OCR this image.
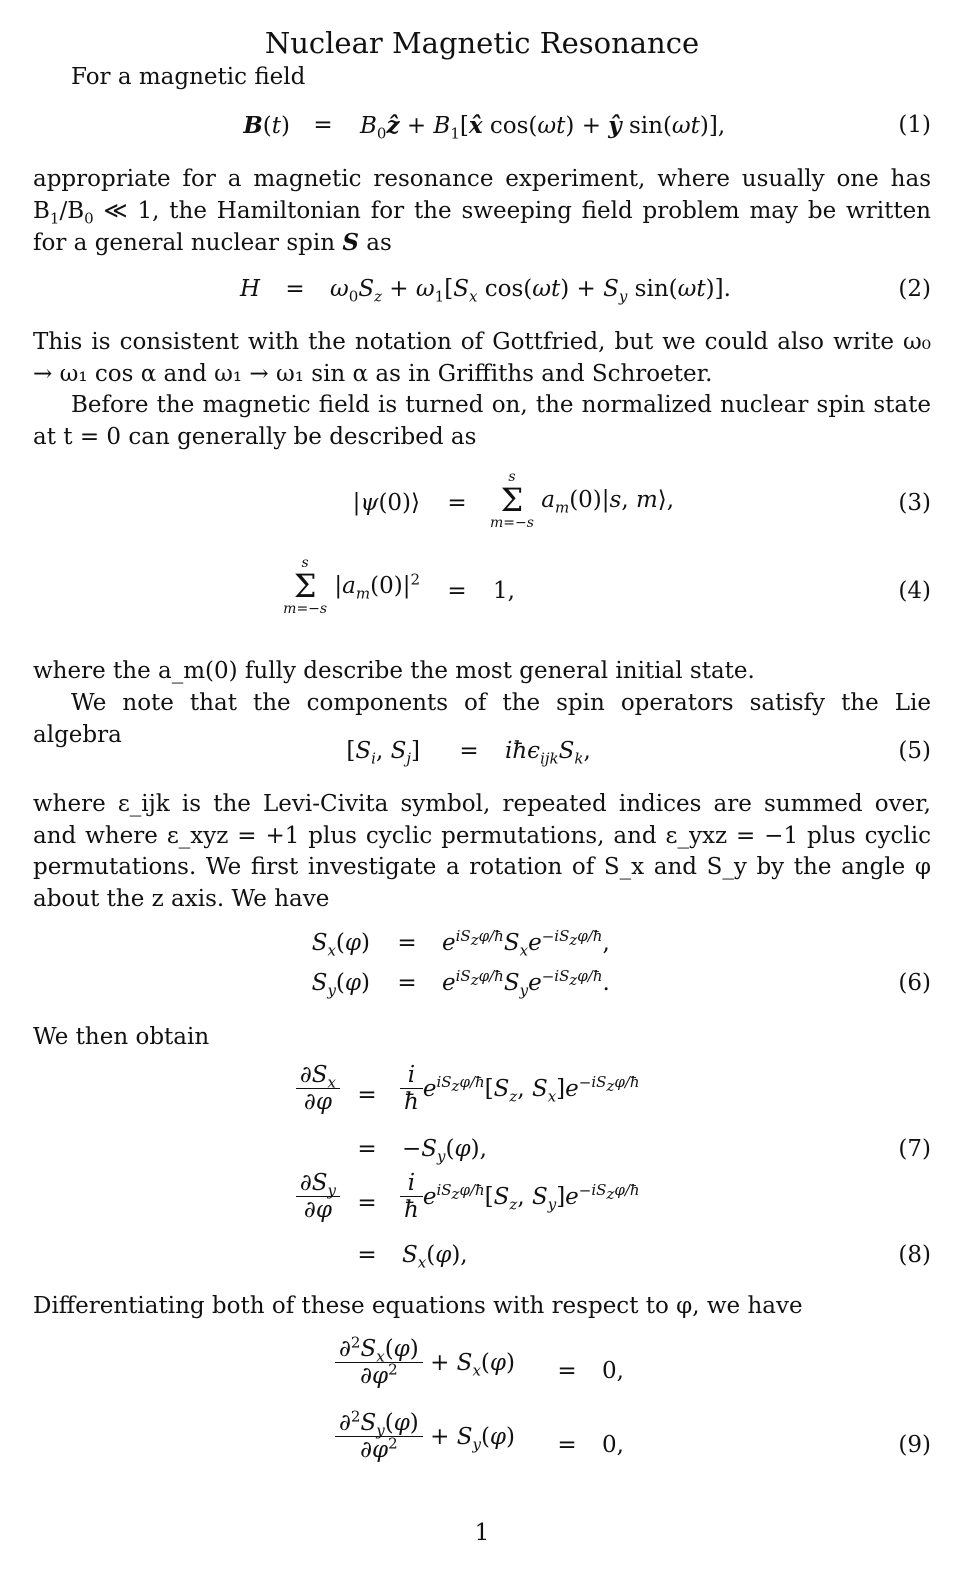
Nuclear Magnetic Resonance
For a magnetic field
$B(t) = B_0ẑ$ + $B_1[x̂$ cos(ωt) + ŷ sin(ωt)],	(1)
appropriate for a magnetic resonance experiment, where usually one has $B_1/B_0$ ≪ 1, the Hamiltonian for the sweeping field problem may be written for a general nuclear spin S as
$H = \omega_0S_z + \omega_1[S_x$ $\cos(\omega t) + S_y$ sin(ωt)].	(2)
This is consistent with the notation of Gottfried, but we could also write ω₀ → ω₁ cos α and ω₁ → ω₁ sin α as in Griffiths and Schroeter.
Before the magnetic field is turned on, the normalized nuclear spin state at t = 0 can generally be described as
|ψ(0)⟩ =
s
Σ
m=−s
$a_m(0)|s$, m⟩,	(3)
s
Σ
m=−s
$|a_m(0)|^2 = 1$,	(4)
where the a_m(0) fully describe the most general initial state.
We note that the components of the spin operators satisfy the Lie algebra
[$S_i$, $S_j$] = $iħ\epsilon_{ijk}S_k$,	(5)
where ε_ijk is the Levi-Civita symbol, repeated indices are summed over, and where ε_xyz = +1 plus cyclic permutations, and ε_yxz = −1 plus cyclic permutations. We first investigate a rotation of S_x and S_y by the angle φ about the z axis. We have
$S_x(\varphi) = e^{iS_z\varphi/ħ}S_xe^{-iS_z\varphi/ħ}$,
$S_y(\varphi) = e^{iS_z\varphi/ħ}S_ye^{-iS_z\varphi/ħ}$.	(6)
We then obtain
$\frac{\partial S_x}{\partial\varphi} = \frac{i}{ħ} e^{iS_z\varphi/ħ}[S_z$, $S_x]e^{-iS_z\varphi/ħ}$
= $-S_y(\varphi)$,	(7)
$\frac{\partial S_y}{\partial\varphi} = \frac{i}{ħ} e^{iS_z\varphi/ħ}[S_z$, $S_y]e^{-iS_z\varphi/ħ}$
= $S_x(\varphi)$,	(8)
Differentiating both of these equations with respect to φ, we have
$\frac{\partial^2S_x(\varphi)}{\partial\varphi^2} + S_x(\varphi) = 0$,
$\frac{\partial^2S_y(\varphi)}{\partial\varphi^2} + S_y(\varphi) = 0$,	(9)
1
